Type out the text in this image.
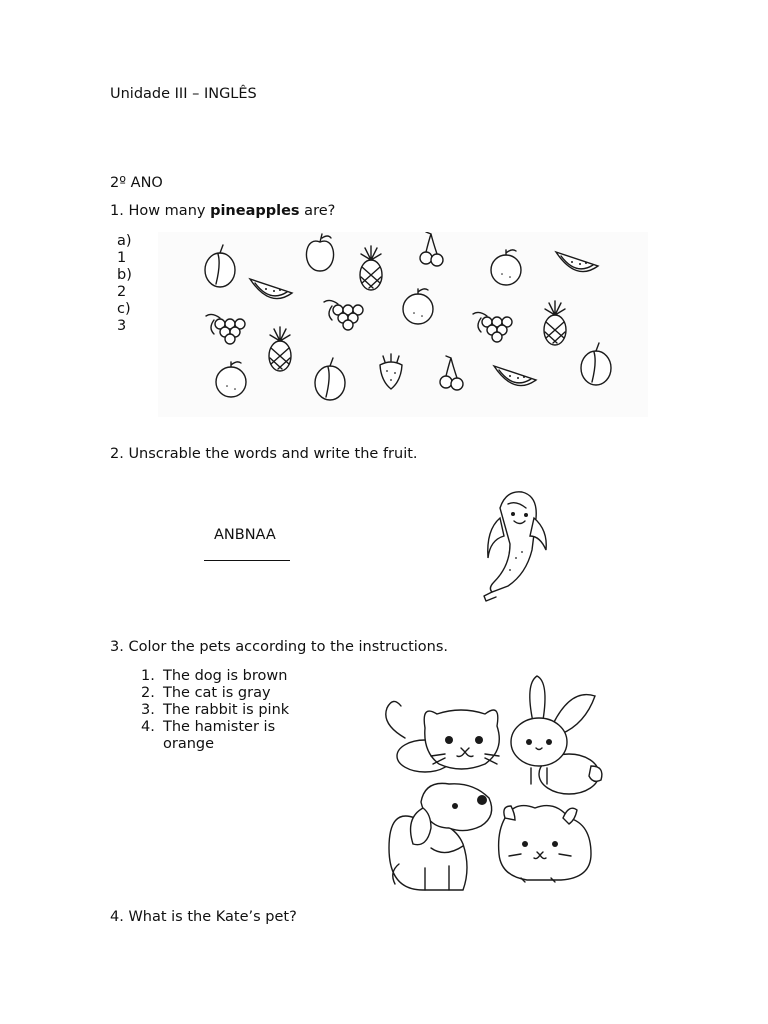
Unidade III – INGLÊS
2º ANO
1. How many pineapples are?
a)
1
b)
2
c)
3
2. Unscrable the words and write the fruit.
ANBNAA
3. Color the pets according to the instructions.
1. The dog is brown
2. The cat is gray
3. The rabbit is pink
4. The hamister is
orange
4. What is the Kate’s pet?
